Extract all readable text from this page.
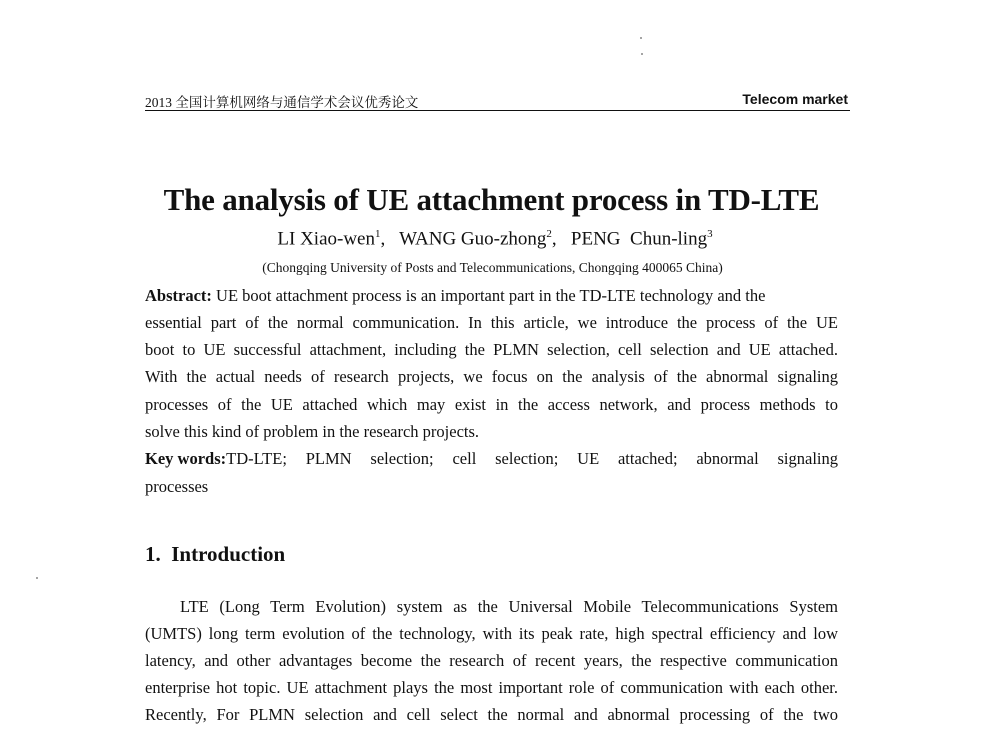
2013 全国计算机网络与通信学术会议优秀论文	Telecom market
The analysis of UE attachment process in TD-LTE
LI Xiao-wen$^1$,   WANG Guo-zhong$^2$,   PENG  Chun-ling$^3$
(Chongqing University of Posts and Telecommunications, Chongqing 400065 China)
Abstract: UE boot attachment process is an important part in the TD-LTE technology and the
essential part of the normal communication. In this article, we introduce the process of the UE
boot to UE successful attachment, including the PLMN selection, cell selection and UE attached.
With the actual needs of research projects, we focus on the analysis of the abnormal signaling
processes of the UE attached which may exist in the access network, and process methods to
solve this kind of problem in the research projects.
Key words: TD-LTE; PLMN selection; cell selection; UE attached; abnormal signaling
processes
1.  Introduction
LTE (Long Term Evolution) system as the Universal Mobile Telecommunications System
(UMTS) long term evolution of the technology, with its peak rate, high spectral efficiency and low
latency, and other advantages become the research of recent years, the respective communication
enterprise hot topic. UE attachment plays the most important role of communication with each other.
Recently, For PLMN selection and cell select the normal and abnormal processing of the two
